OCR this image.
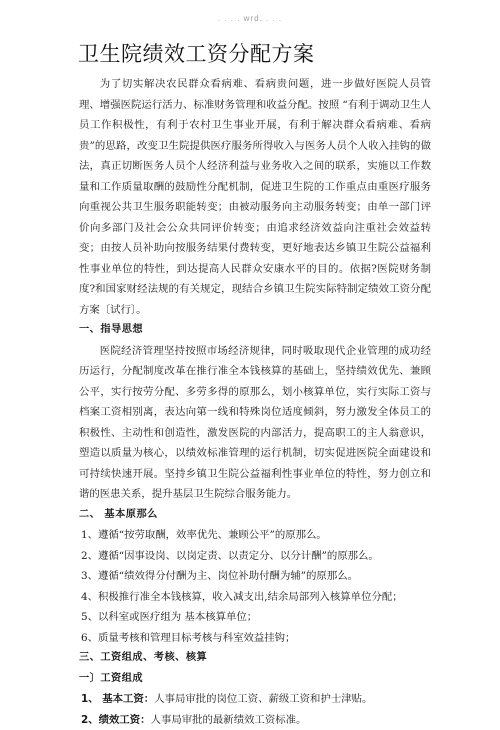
. . . . wrd. . . .
卫生院绩效工资分配方案

为了切实解决农民群众看病难、看病贵问题，进一步做好医院人员管理、增强医院运行活力、标准财务管理和收益分配。按照 “有利于调动卫生人员工作积极性，有利于农村卫生事业开展，有利于解决群众看病难、看病贵”的思路，改变卫生院提供医疗服务所得收入与医务人员个人收入挂钩的做法，真正切断医务人员个人经济利益与业务收入之间的联系，实施以工作数量和工作质量取酬的鼓励性分配机制，促进卫生院的工作重点由重医疗服务向重视公共卫生服务职能转变；由被动服务向主动服务转变；由单一部门评价向多部门及社会公众共同评价转变；由追求经济效益向注重社会效益转变；由按人员补助向按服务结果付费转变，更好地表达乡镇卫生院公益福利性事业单位的特性，到达提高人民群众安康水平的目的。依据?医院财务制度?和国家财经法规的有关规定，现结合乡镇卫生院实际特制定绩效工资分配方案〔试行〕。

一、指导思想

医院经济管理坚持按照市场经济规律，同时吸取现代企业管理的成功经历运行，分配制度改革在推行准全本钱核算的基础上，坚持绩效优先、兼顾公平，实行按劳分配、多劳多得的原那么，划小核算单位，实行实际工资与档案工资相别离，表达向第一线和特殊岗位适度倾斜，努力激发全体员工的积极性、主动性和创造性，激发医院的内部活力，提高职工的主人翁意识，塑造以质量为核心，以绩效标准管理的运行机制，切实促进医院全面建设和可持续快速开展。坚持乡镇卫生院公益福利性事业单位的特性，努力创立和谐的医患关系，提升基层卫生院综合服务能力。

二、 基本原那么

1、遵循“按劳取酬，效率优先、兼顾公平”的原那么。

2、遵循“因事设岗、以岗定责、以责定分、以分计酬”的原那么。

3、遵循“绩效得分付酬为主、岗位补助付酬为辅”的原那么。

4、积极推行准全本钱核算，收入减支出,结余局部列入核算单位分配；

5、以科室或医疗组为 基本核算单位；

6、质量考核和管理目标考核与科室效益挂钩；

三、工资组成、考核、核算

一〕工资组成

1、 基本工资：人事局审批的岗位工资、薪级工资和护士津贴。

2、绩效工资：人事局审批的最新绩效工资标准。
